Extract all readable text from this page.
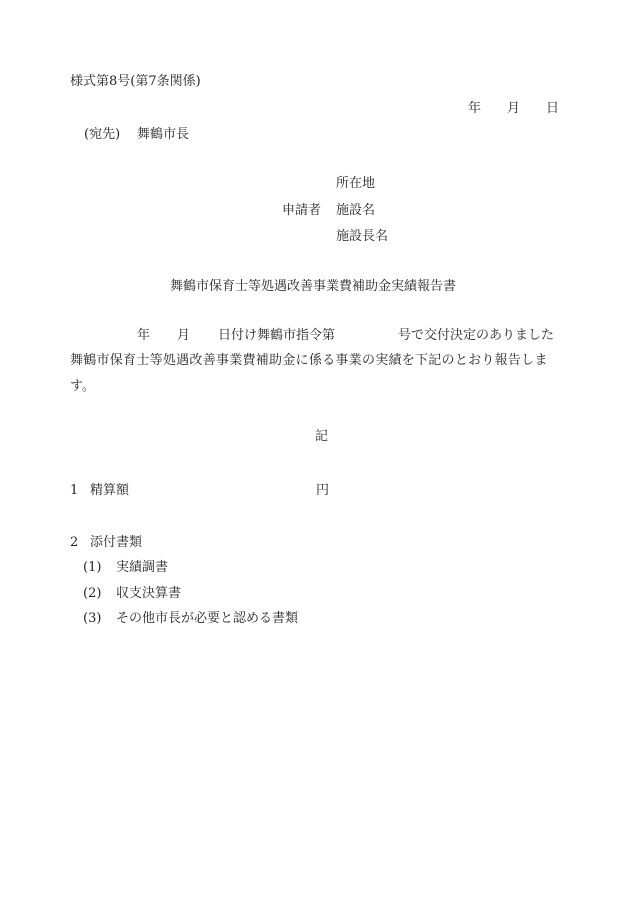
様式第8号(第7条関係)
年 月 日
(宛先) 舞鶴市長
所在地
申請者 施設名
施設長名
舞鶴市保育士等処遇改善事業費補助金実績報告書
年 月 日付け舞鶴市指令第	号で交付決定のありました
舞鶴市保育士等処遇改善事業費補助金に係る事業の実績を下記のとおり報告しま
す。
記
1 精算額	円
2 添付書類
(1) 実績調書
(2) 収支決算書
(3) その他市長が必要と認める書類
